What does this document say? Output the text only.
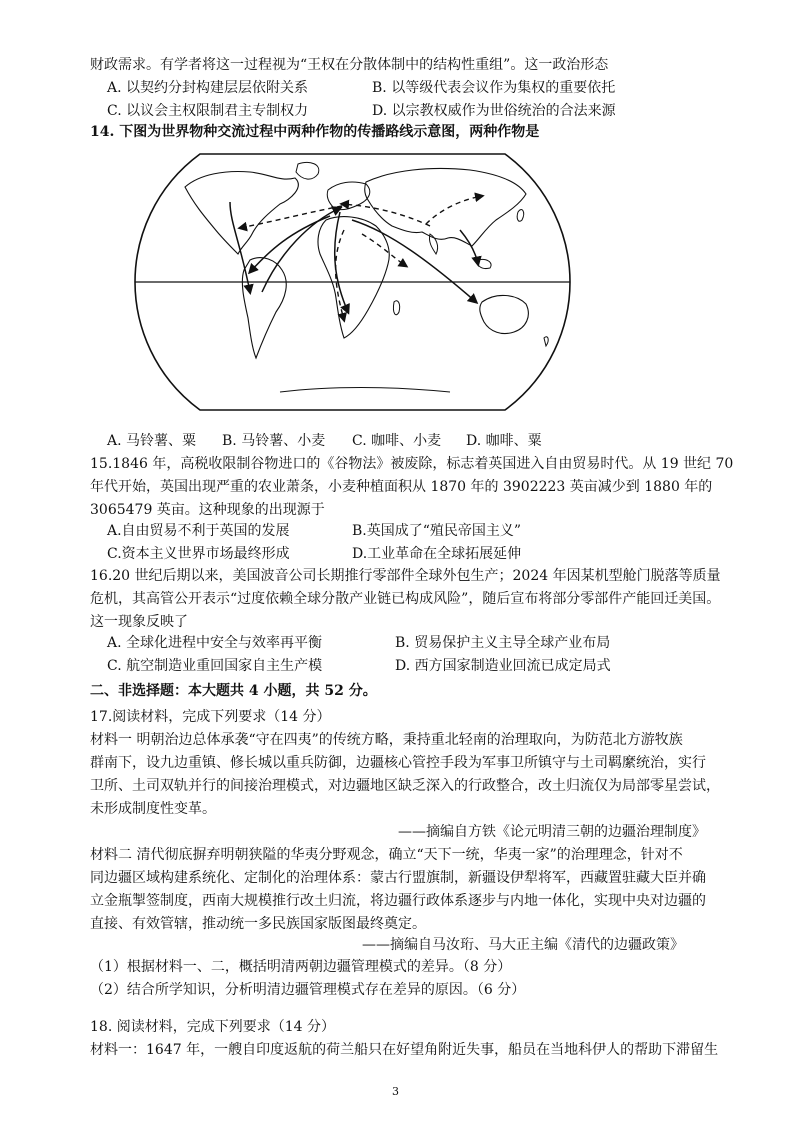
财政需求。有学者将这一过程视为“王权在分散体制中的结构性重组”。这一政治形态
A. 以契约分封构建层层依附关系	B. 以等级代表会议作为集权的重要依托
C. 以议会主权限制君主专制权力	D. 以宗教权威作为世俗统治的合法来源
14. 下图为世界物种交流过程中两种作物的传播路线示意图，两种作物是
A. 马铃薯、粟 B. 马铃薯、小麦 C. 咖啡、小麦 D. 咖啡、粟
15.1846 年，高税收限制谷物进口的《谷物法》被废除，标志着英国进入自由贸易时代。从 19 世纪 70
年代开始，英国出现严重的农业萧条，小麦种植面积从 1870 年的 3902223 英亩减少到 1880 年的
3065479 英亩。这种现象的出现源于
A.自由贸易不利于英国的发展	B.英国成了“殖民帝国主义”
C.资本主义世界市场最终形成	D.工业革命在全球拓展延伸
16.20 世纪后期以来，美国波音公司长期推行零部件全球外包生产；2024 年因某机型舱门脱落等质量
危机，其高管公开表示“过度依赖全球分散产业链已构成风险”，随后宣布将部分零部件产能回迁美国。
这一现象反映了
A. 全球化进程中安全与效率再平衡	B. 贸易保护主义主导全球产业布局
C. 航空制造业重回国家自主生产模	D. 西方国家制造业回流已成定局式
二、非选择题：本大题共 4 小题，共 52 分。
17.阅读材料，完成下列要求（14 分）
材料一 明朝治边总体承袭“守在四夷”的传统方略，秉持重北轻南的治理取向，为防范北方游牧族
群南下，设九边重镇、修长城以重兵防御，边疆核心管控手段为军事卫所镇守与土司羁縻统治，实行
卫所、土司双轨并行的间接治理模式，对边疆地区缺乏深入的行政整合，改土归流仅为局部零星尝试，
未形成制度性变革。
——摘编自方铁《论元明清三朝的边疆治理制度》
材料二 清代彻底摒弃明朝狭隘的华夷分野观念，确立“天下一统，华夷一家”的治理理念，针对不
同边疆区域构建系统化、定制化的治理体系：蒙古行盟旗制，新疆设伊犁将军，西藏置驻藏大臣并确
立金瓶掣签制度，西南大规模推行改土归流，将边疆行政体系逐步与内地一体化，实现中央对边疆的
直接、有效管辖，推动统一多民族国家版图最终奠定。
——摘编自马汝珩、马大正主编《清代的边疆政策》
（1）根据材料一、二，概括明清两朝边疆管理模式的差异。（8 分）
（2）结合所学知识，分析明清边疆管理模式存在差异的原因。（6 分）
18. 阅读材料，完成下列要求（14 分）
材料一：1647 年，一艘自印度返航的荷兰船只在好望角附近失事，船员在当地科伊人的帮助下滞留生
3
